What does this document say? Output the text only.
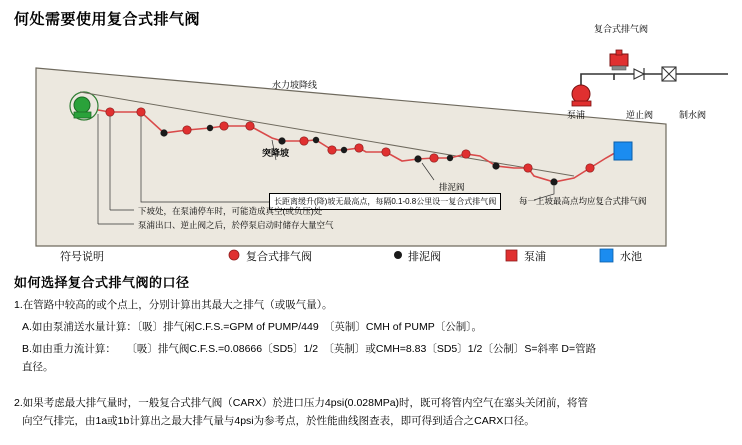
何处需要使用复合式排气阀
复合式排气阀
泵浦	逆止阀	制水阀
水力坡降线
突降坡
排泥阀
每一上坡最高点均应复合式排气阀
长距离缓升(降)坡无最高点，每隔0.1-0.8公里设一复合式排气阀
下坡处，在泵浦停车时，可能造成真空(或负压)处
泵浦出口、逆止阀之后，於停泵启动时储存大量空气
符号说明	复合式排气阀	排泥阀	泵浦	水池
如何选择复合式排气阀的口径
1.在管路中较高的或个点上，分别计算出其最大之排气（或吸气量）。
A.如由泵浦送水量计算：〔吸〕排气闲C.F.S.=GPM of PUMP/449　〔英制〕CMH of PUMP〔公制〕。
B.如由重力流计算：　　〔吸〕排气阀C.F.S.=0.08666〔SD5〕1/2　〔英制〕或CMH=8.83〔SD5〕1/2〔公制〕S=斜率 D=管路
直径。
2.如果考虑最大排气量时，一般复合式排气阀（CARX）於进口压力4psi(0.028MPa)时，既可将管内空气在塞头关闭前，将管
向空气排完，由1a或1b计算出之最大排气量与4psi为参考点，於性能曲线图查表，即可得到适合之CARX口径。
